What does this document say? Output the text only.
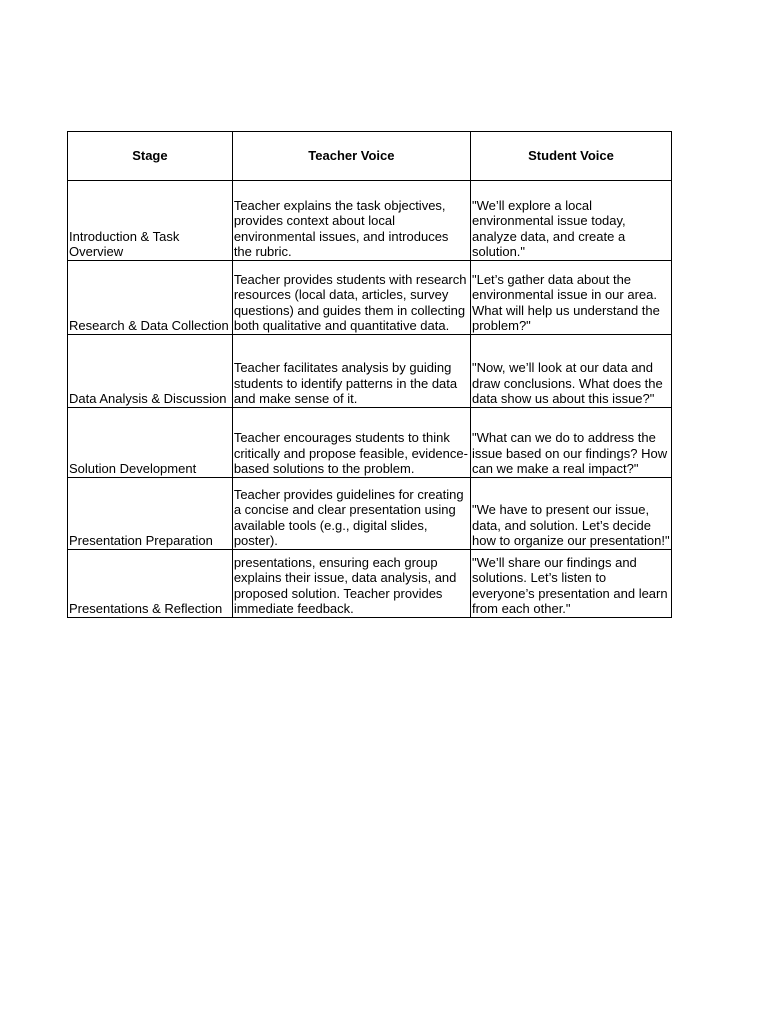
Stage	Teacher Voice	Student Voice

Introduction & Task Overview	Teacher explains the task objectives, provides context about local environmental issues, and introduces the rubric.	"We’ll explore a local environmental issue today, analyze data, and create a solution."

Research & Data Collection	Teacher provides students with research resources (local data, articles, survey questions) and guides them in collecting both qualitative and quantitative data.	"Let’s gather data about the environmental issue in our area. What will help us understand the problem?"

Data Analysis & Discussion	Teacher facilitates analysis by guiding students to identify patterns in the data and make sense of it.	"Now, we’ll look at our data and draw conclusions. What does the data show us about this issue?"

Solution Development	Teacher encourages students to think critically and propose feasible, evidence-based solutions to the problem.	"What can we do to address the issue based on our findings? How can we make a real impact?"

Presentation Preparation	Teacher provides guidelines for creating a concise and clear presentation using available tools (e.g., digital slides, poster).	"We have to present our issue, data, and solution. Let’s decide how to organize our presentation!"

Presentations & Reflection	presentations, ensuring each group explains their issue, data analysis, and proposed solution. Teacher provides immediate feedback.	"We’ll share our findings and solutions. Let’s listen to everyone’s presentation and learn from each other."
